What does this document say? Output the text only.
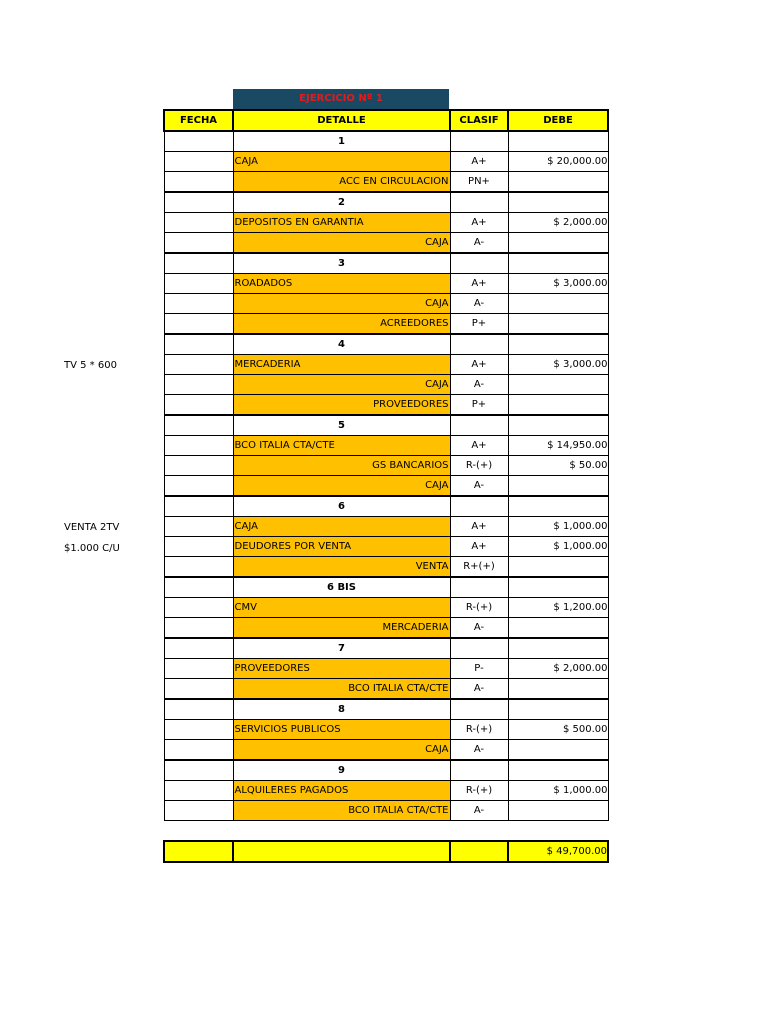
EJERCICIO Nº 1
TV 5 * 600
VENTA 2TV
$1.000 C/U
FECHA	DETALLE	CLASIF	DEBE
	1		
	CAJA	A+	$ 20,000.00
	ACC EN CIRCULACION	PN+	
	2		
	DEPOSITOS EN GARANTIA	A+	$ 2,000.00
	CAJA	A-	
	3		
	ROADADOS	A+	$ 3,000.00
	CAJA	A-	
	ACREEDORES	P+	
	4		
	MERCADERIA	A+	$ 3,000.00
	CAJA	A-	
	PROVEEDORES	P+	
	5		
	BCO ITALIA CTA/CTE	A+	$ 14,950.00
	GS BANCARIOS	R-(+)	$ 50.00
	CAJA	A-	
	6		
	CAJA	A+	$ 1,000.00
	DEUDORES POR VENTA	A+	$ 1,000.00
	VENTA	R+(+)	
	6 BIS		
	CMV	R-(+)	$ 1,200.00
	MERCADERIA	A-	
	7		
	PROVEEDORES	P-	$ 2,000.00
	BCO ITALIA CTA/CTE	A-	
	8		
	SERVICIOS PUBLICOS	R-(+)	$ 500.00
	CAJA	A-	
	9		
	ALQUILERES PAGADOS	R-(+)	$ 1,000.00
	BCO ITALIA CTA/CTE	A-	
			$ 49,700.00
